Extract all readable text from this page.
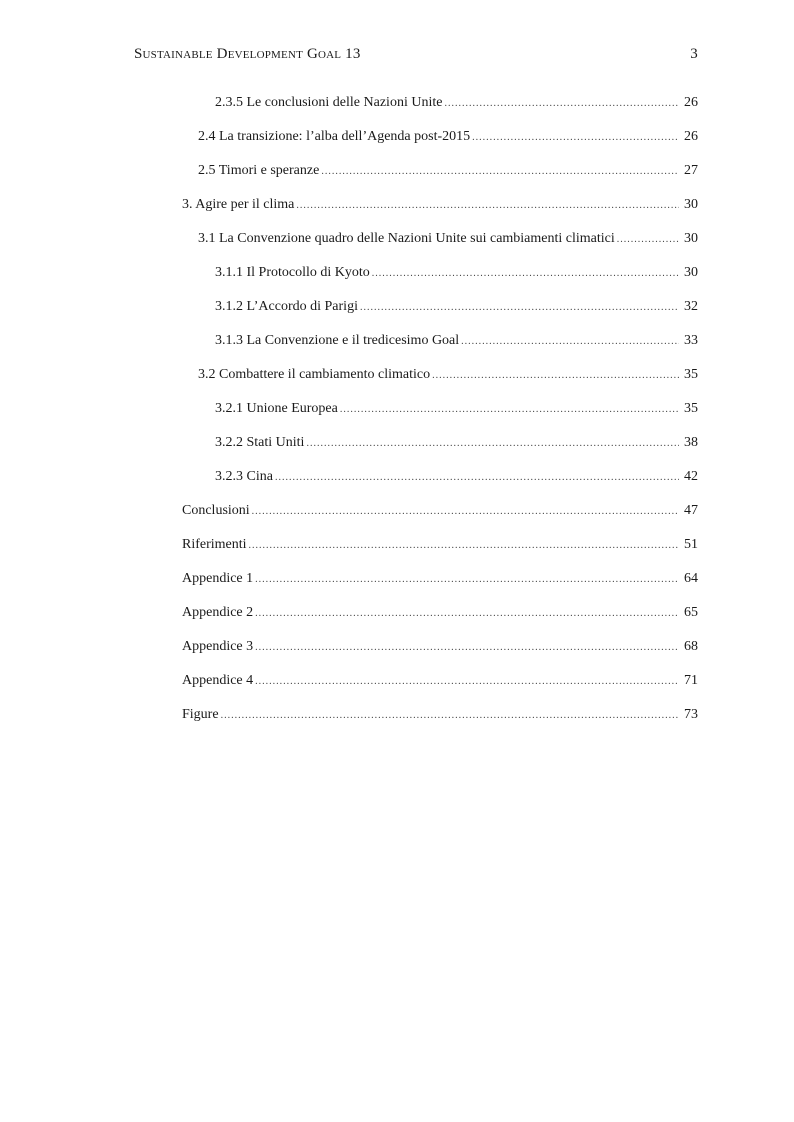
Sustainable Development Goal 13	3
2.3.5 Le conclusioni delle Nazioni Unite .....	26
2.4 La transizione: l’alba dell’Agenda post-2015 .....	26
2.5 Timori e speranze .....	27
3. Agire per il clima .....	30
3.1 La Convenzione quadro delle Nazioni Unite sui cambiamenti climatici .....	30
3.1.1 Il Protocollo di Kyoto .....	30
3.1.2 L’Accordo di Parigi .....	32
3.1.3 La Convenzione e il tredicesimo Goal .....	33
3.2 Combattere il cambiamento climatico .....	35
3.2.1 Unione Europea .....	35
3.2.2 Stati Uniti .....	38
3.2.3 Cina .....	42
Conclusioni .....	47
Riferimenti .....	51
Appendice 1 .....	64
Appendice 2 .....	65
Appendice 3 .....	68
Appendice 4 .....	71
Figure .....	73
